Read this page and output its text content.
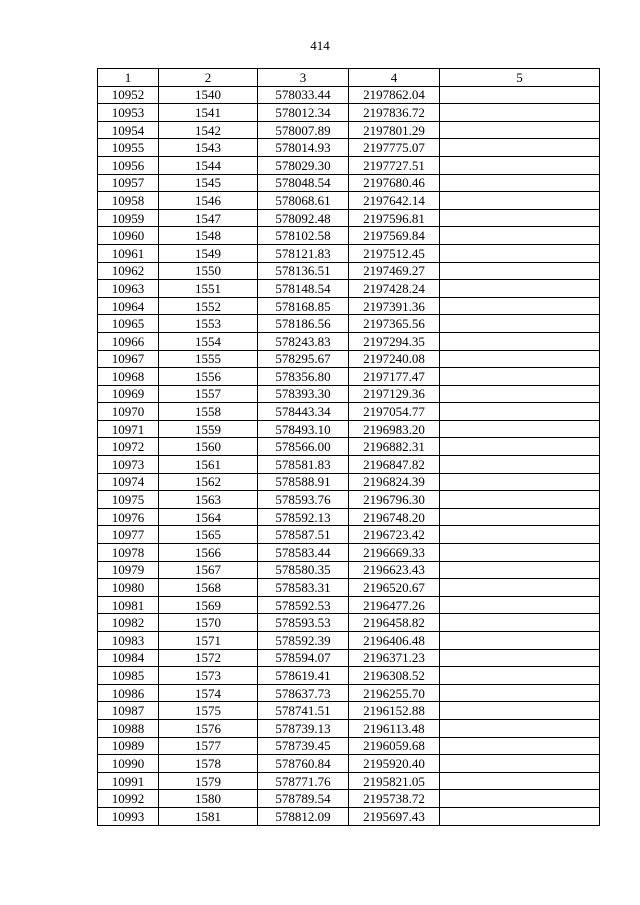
414
1	2	3	4	5
10952	1540	578033.44	2197862.04	
10953	1541	578012.34	2197836.72	
10954	1542	578007.89	2197801.29	
10955	1543	578014.93	2197775.07	
10956	1544	578029.30	2197727.51	
10957	1545	578048.54	2197680.46	
10958	1546	578068.61	2197642.14	
10959	1547	578092.48	2197596.81	
10960	1548	578102.58	2197569.84	
10961	1549	578121.83	2197512.45	
10962	1550	578136.51	2197469.27	
10963	1551	578148.54	2197428.24	
10964	1552	578168.85	2197391.36	
10965	1553	578186.56	2197365.56	
10966	1554	578243.83	2197294.35	
10967	1555	578295.67	2197240.08	
10968	1556	578356.80	2197177.47	
10969	1557	578393.30	2197129.36	
10970	1558	578443.34	2197054.77	
10971	1559	578493.10	2196983.20	
10972	1560	578566.00	2196882.31	
10973	1561	578581.83	2196847.82	
10974	1562	578588.91	2196824.39	
10975	1563	578593.76	2196796.30	
10976	1564	578592.13	2196748.20	
10977	1565	578587.51	2196723.42	
10978	1566	578583.44	2196669.33	
10979	1567	578580.35	2196623.43	
10980	1568	578583.31	2196520.67	
10981	1569	578592.53	2196477.26	
10982	1570	578593.53	2196458.82	
10983	1571	578592.39	2196406.48	
10984	1572	578594.07	2196371.23	
10985	1573	578619.41	2196308.52	
10986	1574	578637.73	2196255.70	
10987	1575	578741.51	2196152.88	
10988	1576	578739.13	2196113.48	
10989	1577	578739.45	2196059.68	
10990	1578	578760.84	2195920.40	
10991	1579	578771.76	2195821.05	
10992	1580	578789.54	2195738.72	
10993	1581	578812.09	2195697.43	
